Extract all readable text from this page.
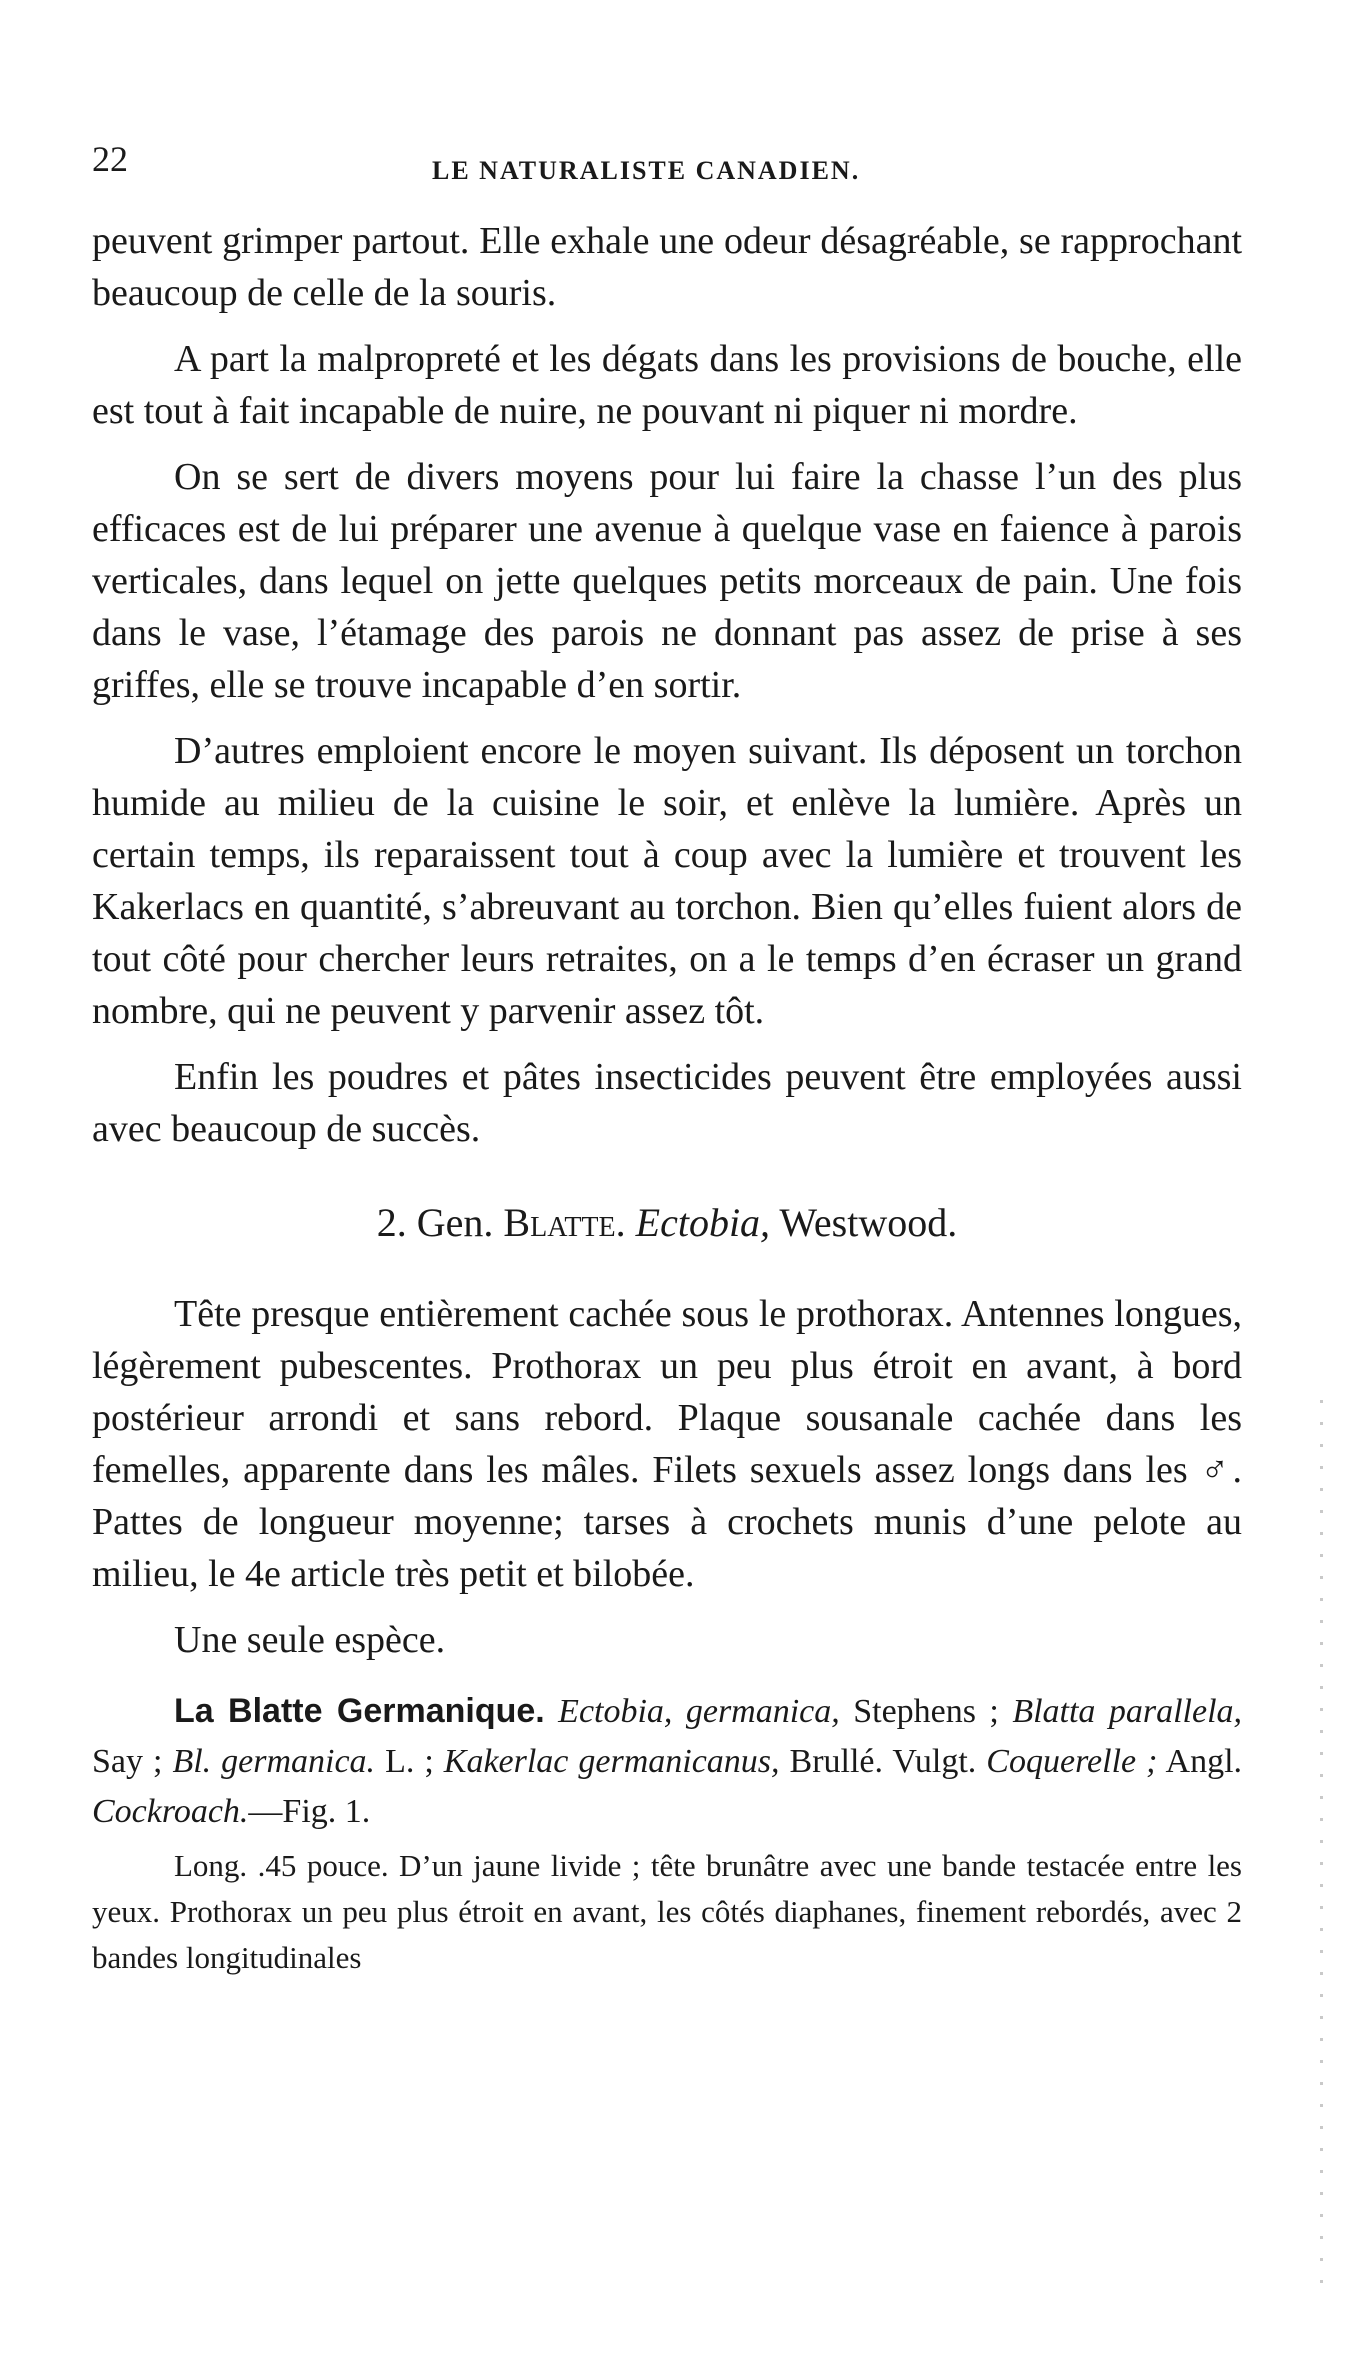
22	LE NATURALISTE CANADIEN.

peuvent grimper partout. Elle exhale une odeur désagréable, se rapprochant beaucoup de celle de la souris.

A part la malpropreté et les dégats dans les provisions de bouche, elle est tout à fait incapable de nuire, ne pouvant ni piquer ni mordre.

On se sert de divers moyens pour lui faire la chasse l’un des plus efficaces est de lui préparer une avenue à quelque vase en faience à parois verticales, dans lequel on jette quelques petits morceaux de pain. Une fois dans le vase, l’étamage des parois ne donnant pas assez de prise à ses griffes, elle se trouve incapable d’en sortir.

D’autres emploient encore le moyen suivant. Ils déposent un torchon humide au milieu de la cuisine le soir, et enlève la lumière. Après un certain temps, ils reparaissent tout à coup avec la lumière et trouvent les Kakerlacs en quantité, s’abreuvant au torchon. Bien qu’elles fuient alors de tout côté pour chercher leurs retraites, on a le temps d’en écraser un grand nombre, qui ne peuvent y parvenir assez tôt.

Enfin les poudres et pâtes insecticides peuvent être employées aussi avec beaucoup de succès.

2. Gen. Blatte. Ectobia, Westwood.

Tête presque entièrement cachée sous le prothorax. Antennes longues, légèrement pubescentes. Prothorax un peu plus étroit en avant, à bord postérieur arrondi et sans rebord. Plaque sousanale cachée dans les femelles, apparente dans les mâles. Filets sexuels assez longs dans les ♂. Pattes de longueur moyenne; tarses à crochets munis d’une pelote au milieu, le 4e article très petit et bilobée.

Une seule espèce.

La Blatte Germanique. Ectobia, germanica, Stephens ; Blatta parallela, Say ; Bl. germanica. L. ; Kakerlac germanicanus, Brullé. Vulgt. Coquerelle ; Angl. Cockroach.—Fig. 1.

Long. .45 pouce. D’un jaune livide ; tête brunâtre avec une bande testacée entre les yeux. Prothorax un peu plus étroit en avant, les côtés diaphanes, finement rebordés, avec 2 bandes longitudinales
